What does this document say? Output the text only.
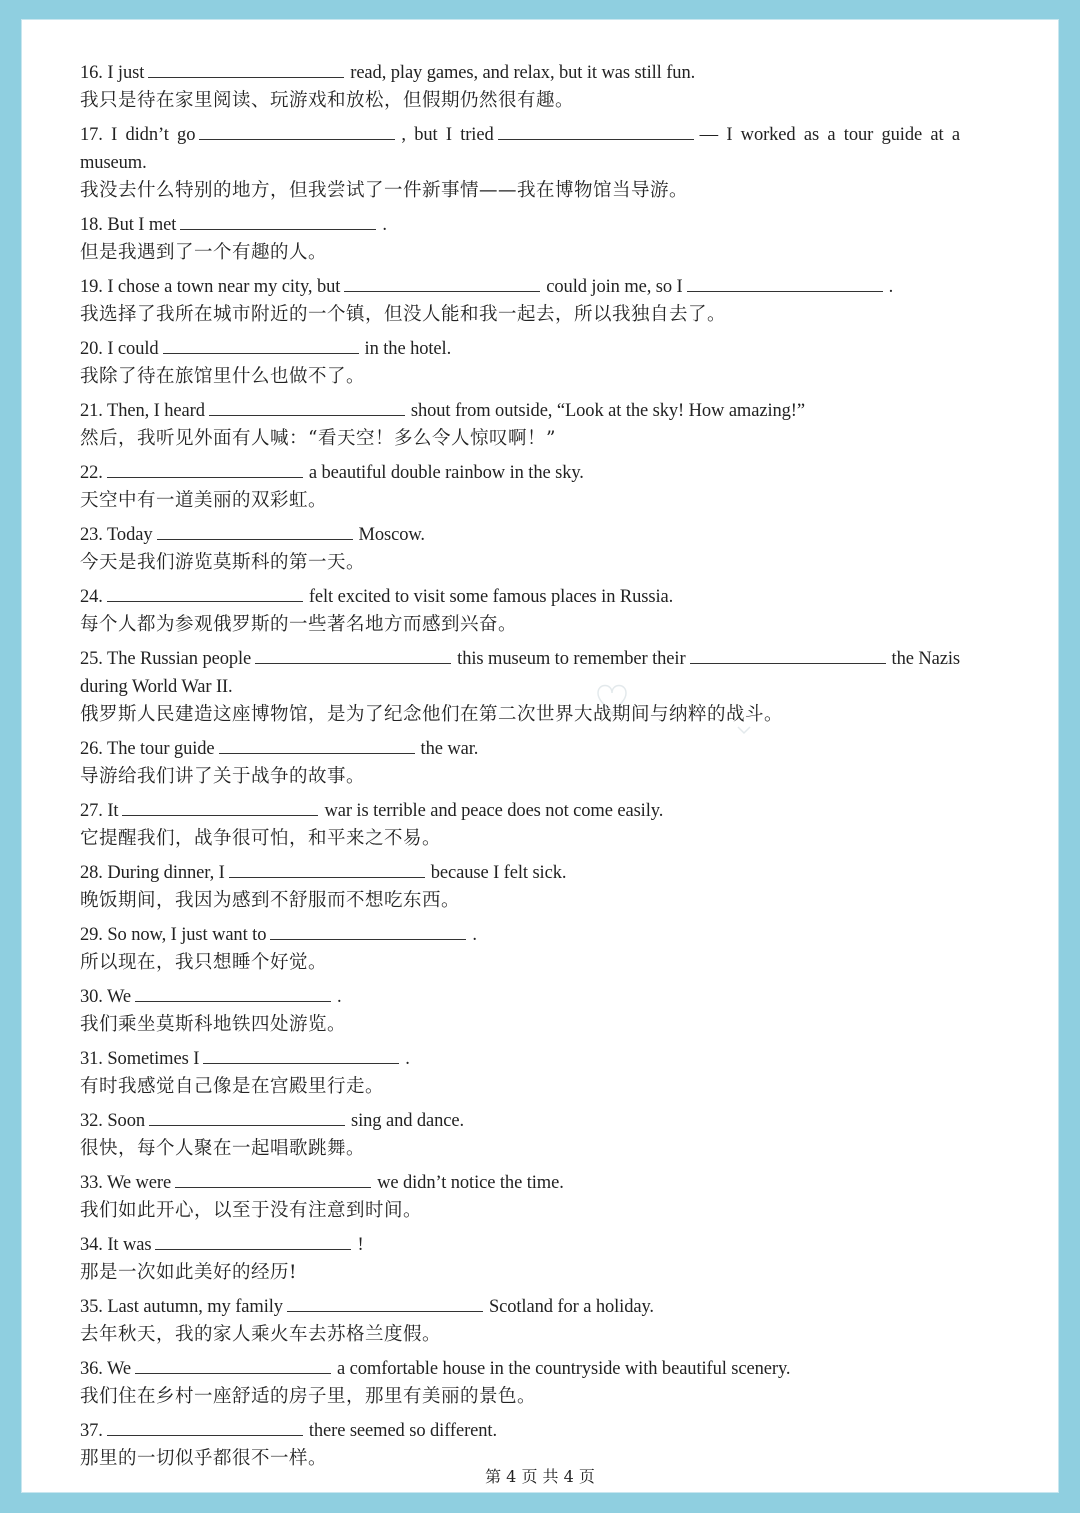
16. I just	read, play games, and relax, but it was still fun.
我只是待在家里阅读、玩游戏和放松，但假期仍然很有趣。
17. I didn’t go	, but I tried	— I worked as a tour guide at a museum.
我没去什么特别的地方，但我尝试了一件新事情——我在博物馆当导游。
18. But I met	.
但是我遇到了一个有趣的人。
19. I chose a town near my city, but	could join me, so I	.
我选择了我所在城市附近的一个镇，但没人能和我一起去，所以我独自去了。
20. I could	in the hotel.
我除了待在旅馆里什么也做不了。
21. Then, I heard	shout from outside, “Look at the sky! How amazing!”
然后，我听见外面有人喊：“看天空！多么令人惊叹啊！”
22.	a beautiful double rainbow in the sky.
天空中有一道美丽的双彩虹。
23. Today	Moscow.
今天是我们游览莫斯科的第一天。
24.	felt excited to visit some famous places in Russia.
每个人都为参观俄罗斯的一些著名地方而感到兴奋。
25. The Russian people	this museum to remember their	the Nazis during World War II.
俄罗斯人民建造这座博物馆，是为了纪念他们在第二次世界大战期间与纳粹的战斗。
26. The tour guide	the war.
导游给我们讲了关于战争的故事。
27. It	war is terrible and peace does not come easily.
它提醒我们，战争很可怕，和平来之不易。
28. During dinner, I	because I felt sick.
晚饭期间，我因为感到不舒服而不想吃东西。
29. So now, I just want to	.
所以现在，我只想睡个好觉。
30. We	.
我们乘坐莫斯科地铁四处游览。
31. Sometimes I	.
有时我感觉自己像是在宫殿里行走。
32. Soon	sing and dance.
很快，每个人聚在一起唱歌跳舞。
33. We were	we didn’t notice the time.
我们如此开心，以至于没有注意到时间。
34. It was	!
那是一次如此美好的经历!
35. Last autumn, my family	Scotland for a holiday.
去年秋天，我的家人乘火车去苏格兰度假。
36. We	a comfortable house in the countryside with beautiful scenery.
我们住在乡村一座舒适的房子里，那里有美丽的景色。
37.	there seemed so different.
那里的一切似乎都很不一样。
第 4 页 共 4 页
